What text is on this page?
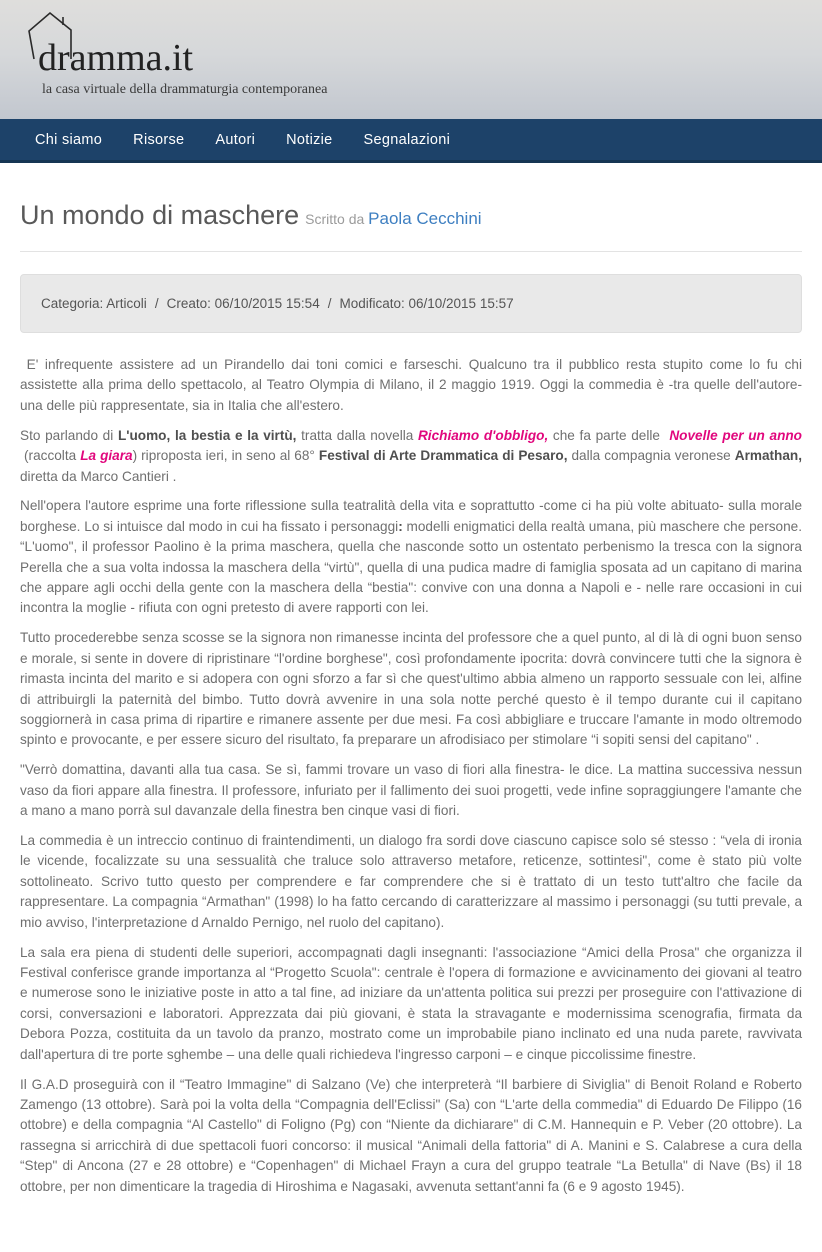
dramma.it
la casa virtuale della drammaturgia contemporanea
Chi siamo Risorse Autori Notizie Segnalazioni
Un mondo di maschere Scritto da Paola Cecchini
Categoria: Articoli / Creato: 06/10/2015 15:54 / Modificato: 06/10/2015 15:57

E' infrequente assistere ad un Pirandello dai toni comici e farseschi. Qualcuno tra il pubblico resta stupito come lo fu chi assistette alla prima dello spettacolo, al Teatro Olympia di Milano, il 2 maggio 1919. Oggi la commedia è -tra quelle dell'autore- una delle più rappresentate, sia in Italia che all'estero.

Sto parlando di L'uomo, la bestia e la virtù, tratta dalla novella Richiamo d'obbligo, che fa parte delle  Novelle per un anno  (raccolta La giara) riproposta ieri, in seno al 68° Festival di Arte Drammatica di Pesaro, dalla compagnia veronese Armathan, diretta da Marco Cantieri .

Nell'opera l'autore esprime una forte riflessione sulla teatralità della vita e soprattutto -come ci ha più volte abituato- sulla morale borghese. Lo si intuisce dal modo in cui ha fissato i personaggi: modelli enigmatici della realtà umana, più maschere che persone. “L'uomo", il professor Paolino è la prima maschera, quella che nasconde sotto un ostentato perbenismo la tresca con la signora Perella che a sua volta indossa la maschera della “virtù", quella di una pudica madre di famiglia sposata ad un capitano di marina che appare agli occhi della gente con la maschera della “bestia": convive con una donna a Napoli e - nelle rare occasioni in cui incontra la moglie - rifiuta con ogni pretesto di avere rapporti con lei.

Tutto procederebbe senza scosse se la signora non rimanesse incinta del professore che a quel punto, al di là di ogni buon senso e morale, si sente in dovere di ripristinare “l'ordine borghese", così profondamente ipocrita: dovrà convincere tutti che la signora è rimasta incinta del marito e si adopera con ogni sforzo a far sì che quest'ultimo abbia almeno un rapporto sessuale con lei, alfine di attribuirgli la paternità del bimbo. Tutto dovrà avvenire in una sola notte perché questo è il tempo durante cui il capitano soggiornerà in casa prima di ripartire e rimanere assente per due mesi. Fa così abbigliare e truccare l'amante in modo oltremodo spinto e provocante, e per essere sicuro del risultato, fa preparare un afrodisiaco per stimolare “i sopiti sensi del capitano" .

"Verrò domattina, davanti alla tua casa. Se sì, fammi trovare un vaso di fiori alla finestra- le dice. La mattina successiva nessun vaso da fiori appare alla finestra. Il professore, infuriato per il fallimento dei suoi progetti, vede infine sopraggiungere l'amante che a mano a mano porrà sul davanzale della finestra ben cinque vasi di fiori.

La commedia è un intreccio continuo di fraintendimenti, un dialogo fra sordi dove ciascuno capisce solo sé stesso : “vela di ironia le vicende, focalizzate su una sessualità che traluce solo attraverso metafore, reticenze, sottintesi", come è stato più volte sottolineato. Scrivo tutto questo per comprendere e far comprendere che si è trattato di un testo tutt'altro che facile da rappresentare. La compagnia “Armathan" (1998) lo ha fatto cercando di caratterizzare al massimo i personaggi (su tutti prevale, a mio avviso, l'interpretazione d Arnaldo Pernigo, nel ruolo del capitano).

La sala era piena di studenti delle superiori, accompagnati dagli insegnanti: l'associazione “Amici della Prosa" che organizza il Festival conferisce grande importanza al “Progetto Scuola": centrale è l'opera di formazione e avvicinamento dei giovani al teatro e numerose sono le iniziative poste in atto a tal fine, ad iniziare da un'attenta politica sui prezzi per proseguire con l'attivazione di corsi, conversazioni e laboratori. Apprezzata dai più giovani, è stata la stravagante e modernissima scenografia, firmata da Debora Pozza, costituita da un tavolo da pranzo, mostrato come un improbabile piano inclinato ed una nuda parete, ravvivata dall'apertura di tre porte sghembe – una delle quali richiedeva l'ingresso carponi – e cinque piccolissime finestre.

Il G.A.D proseguirà con il “Teatro Immagine" di Salzano (Ve) che interpreterà “Il barbiere di Siviglia" di Benoit Roland e Roberto Zamengo (13 ottobre). Sarà poi la volta della “Compagnia dell'Eclissi" (Sa) con “L'arte della commedia" di Eduardo De Filippo (16 ottobre) e della compagnia “Al Castello" di Foligno (Pg) con “Niente da dichiarare" di C.M. Hannequin e P. Veber (20 ottobre). La rassegna si arricchirà di due spettacoli fuori concorso: il musical “Animali della fattoria" di A. Manini e S. Calabrese a cura della “Step" di Ancona (27 e 28 ottobre) e “Copenhagen" di Michael Frayn a cura del gruppo teatrale “La Betulla" di Nave (Bs) il 18 ottobre, per non dimenticare la tragedia di Hiroshima e Nagasaki, avvenuta settant'anni fa (6 e 9 agosto 1945).
